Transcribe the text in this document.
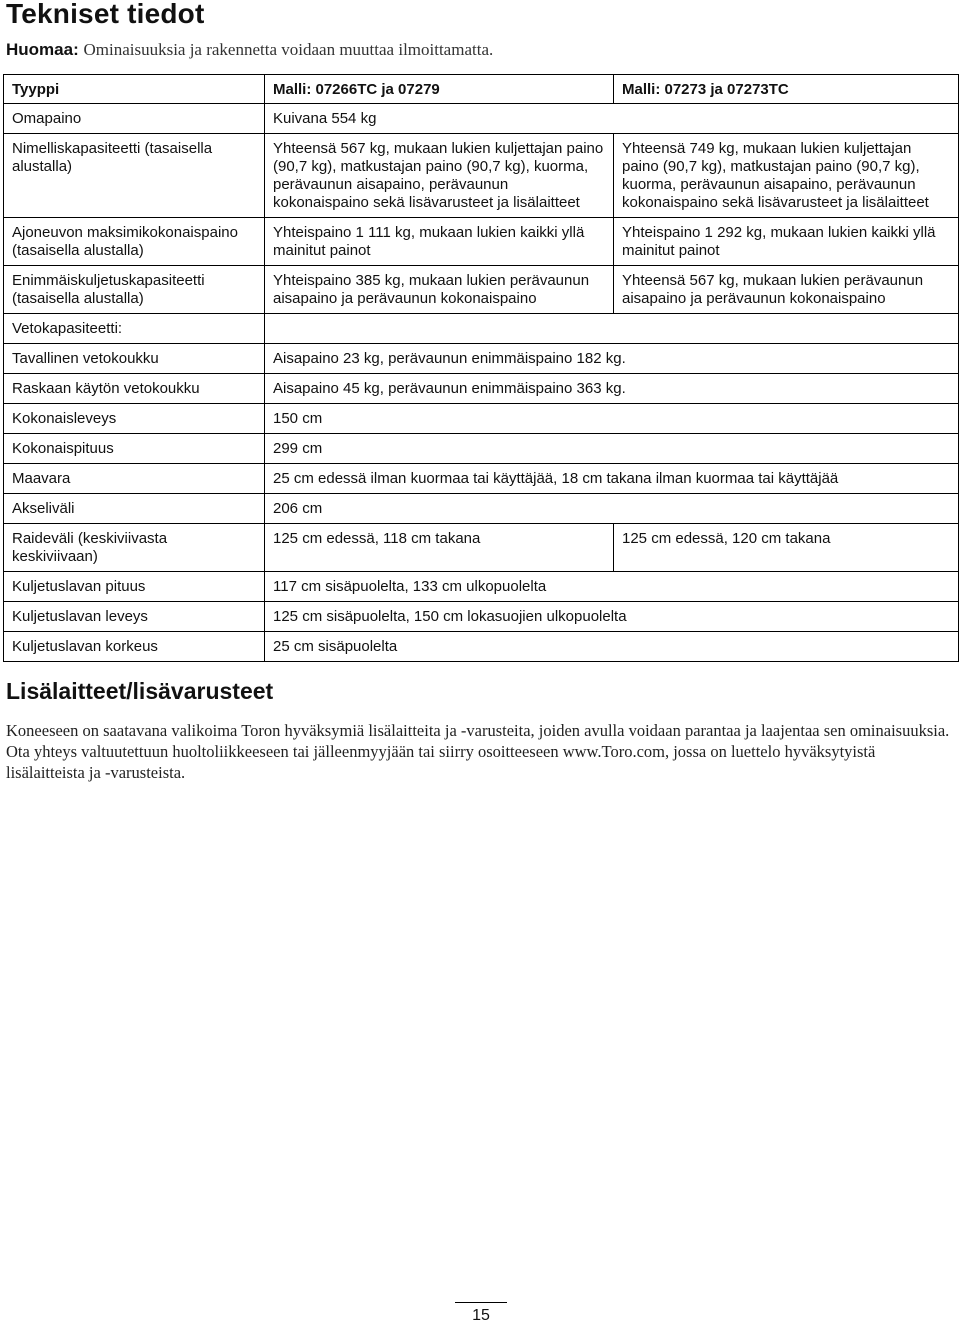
Tekniset tiedot
Huomaa: Ominaisuuksia ja rakennetta voidaan muuttaa ilmoittamatta.
Tyyppi	Malli: 07266TC ja 07279	Malli: 07273 ja 07273TC
Omapaino	Kuivana 554 kg	
Nimelliskapasiteetti (tasaisella alustalla)	Yhteensä 567 kg, mukaan lukien kuljettajan paino (90,7 kg), matkustajan paino (90,7 kg), kuorma, perävaunun aisapaino, perävaunun kokonaispaino sekä lisävarusteet ja lisälaitteet	Yhteensä 749 kg, mukaan lukien kuljettajan paino (90,7 kg), matkustajan paino (90,7 kg), kuorma, perävaunun aisapaino, perävaunun kokonaispaino sekä lisävarusteet ja lisälaitteet
Ajoneuvon maksimikokonaispaino (tasaisella alustalla)	Yhteispaino 1 111 kg, mukaan lukien kaikki yllä mainitut painot	Yhteispaino 1 292 kg, mukaan lukien kaikki yllä mainitut painot
Enimmäiskuljetuskapasiteetti (tasaisella alustalla)	Yhteispaino 385 kg, mukaan lukien perävaunun aisapaino ja perävaunun kokonaispaino	Yhteensä 567 kg, mukaan lukien perävaunun aisapaino ja perävaunun kokonaispaino
Vetokapasiteetti:		
Tavallinen vetokoukku	Aisapaino 23 kg, perävaunun enimmäispaino 182 kg.	
Raskaan käytön vetokoukku	Aisapaino 45 kg, perävaunun enimmäispaino 363 kg.	
Kokonaisleveys	150 cm	
Kokonaispituus	299 cm	
Maavara	25 cm edessä ilman kuormaa tai käyttäjää, 18 cm takana ilman kuormaa tai käyttäjää	
Akseliväli	206 cm	
Raideväli (keskiviivasta keskiviivaan)	125 cm edessä, 118 cm takana	125 cm edessä, 120 cm takana
Kuljetuslavan pituus	117 cm sisäpuolelta, 133 cm ulkopuolelta	
Kuljetuslavan leveys	125 cm sisäpuolelta, 150 cm lokasuojien ulkopuolelta	
Kuljetuslavan korkeus	25 cm sisäpuolelta	
Lisälaitteet/lisävarusteet

Koneeseen on saatavana valikoima Toron hyväksymiä lisälaitteita ja -varusteita, joiden avulla voidaan parantaa ja laajentaa sen ominaisuuksia. Ota yhteys valtuutettuun huoltoliikkeeseen tai jälleenmyyjään tai siirry osoitteeseen www.Toro.com, jossa on luettelo hyväksytyistä lisälaitteista ja -varusteista.

15
